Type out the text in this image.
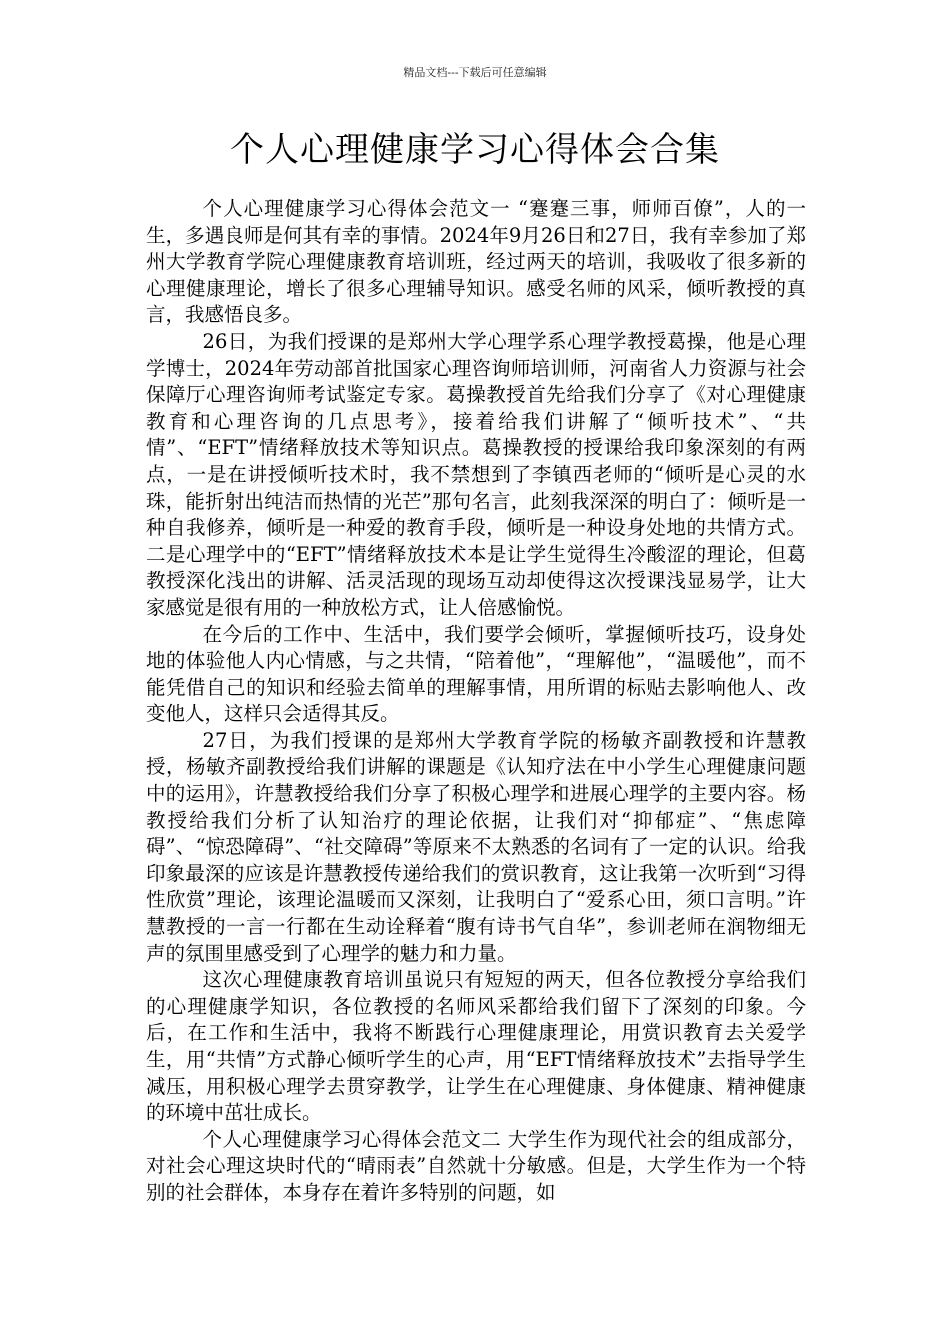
精品文档---下载后可任意编辑
个人心理健康学习心得体会合集

个人心理健康学习心得体会范文一 “蹇蹇三事，师师百僚”，人的一生，多遇良师是何其有幸的事情。2024年9月26日和27日，我有幸参加了郑州大学教育学院心理健康教育培训班，经过两天的培训，我吸收了很多新的心理健康理论，增长了很多心理辅导知识。感受名师的风采，倾听教授的真言，我感悟良多。

26日，为我们授课的是郑州大学心理学系心理学教授葛操，他是心理学博士，2024年劳动部首批国家心理咨询师培训师，河南省人力资源与社会保障厅心理咨询师考试鉴定专家。葛操教授首先给我们分享了《对心理健康教育和心理咨询的几点思考》，接着给我们讲解了“倾听技术”、“共情”、“EFT”情绪释放技术等知识点。葛操教授的授课给我印象深刻的有两点，一是在讲授倾听技术时，我不禁想到了李镇西老师的“倾听是心灵的水珠，能折射出纯洁而热情的光芒”那句名言，此刻我深深的明白了：倾听是一种自我修养，倾听是一种爱的教育手段，倾听是一种设身处地的共情方式。二是心理学中的“EFT”情绪释放技术本是让学生觉得生冷酸涩的理论，但葛教授深化浅出的讲解、活灵活现的现场互动却使得这次授课浅显易学，让大家感觉是很有用的一种放松方式，让人倍感愉悦。

在今后的工作中、生活中，我们要学会倾听，掌握倾听技巧，设身处地的体验他人内心情感，与之共情，“陪着他”，“理解他”，“温暖他”，而不能凭借自己的知识和经验去简单的理解事情，用所谓的标贴去影响他人、改变他人，这样只会适得其反。

27日，为我们授课的是郑州大学教育学院的杨敏齐副教授和许慧教授，杨敏齐副教授给我们讲解的课题是《认知疗法在中小学生心理健康问题中的运用》，许慧教授给我们分享了积极心理学和进展心理学的主要内容。杨教授给我们分析了认知治疗的理论依据，让我们对“抑郁症”、“焦虑障碍”、“惊恐障碍”、“社交障碍”等原来不太熟悉的名词有了一定的认识。给我印象最深的应该是许慧教授传递给我们的赏识教育，这让我第一次听到“习得性欣赏”理论，该理论温暖而又深刻，让我明白了“爱系心田，须口言明。”许慧教授的一言一行都在生动诠释着“腹有诗书气自华”，参训老师在润物细无声的氛围里感受到了心理学的魅力和力量。

这次心理健康教育培训虽说只有短短的两天，但各位教授分享给我们的心理健康学知识，各位教授的名师风采都给我们留下了深刻的印象。今后，在工作和生活中，我将不断践行心理健康理论，用赏识教育去关爱学生，用“共情”方式静心倾听学生的心声，用“EFT情绪释放技术”去指导学生减压，用积极心理学去贯穿教学，让学生在心理健康、身体健康、精神健康的环境中茁壮成长。

个人心理健康学习心得体会范文二 大学生作为现代社会的组成部分，对社会心理这块时代的“晴雨表”自然就十分敏感。但是，大学生作为一个特别的社会群体，本身存在着许多特别的问题，如
